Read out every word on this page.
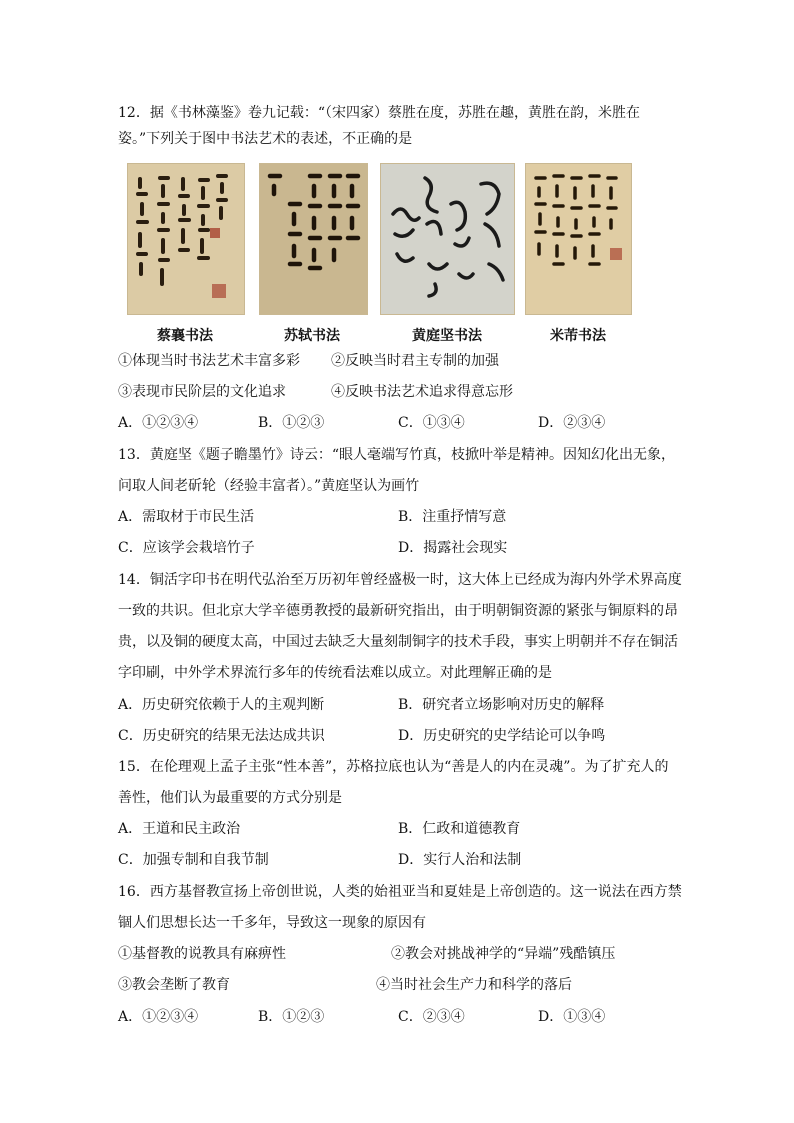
12．据《书林藻鉴》卷九记载：“（宋四家）蔡胜在度，苏胜在趣，黄胜在韵，米胜在
姿。”下列关于图中书法艺术的表述，不正确的是
蔡襄书法	苏轼书法	黄庭坚书法	米芾书法
①体现当时书法艺术丰富多彩 ②反映当时君主专制的加强
③表现市民阶层的文化追求	④反映书法艺术追求得意忘形
A．①②③④	B．①②③	C．①③④	D．②③④
13．黄庭坚《题子瞻墨竹》诗云：“眼人毫端写竹真，枝掀叶举是精神。因知幻化出无象，
问取人间老斫轮（经验丰富者）。”黄庭坚认为画竹
A．需取材于市民生活	B．注重抒情写意
C．应该学会栽培竹子	D．揭露社会现实
14．铜活字印书在明代弘治至万历初年曾经盛极一时，这大体上已经成为海内外学术界高度
一致的共识。但北京大学辛德勇教授的最新研究指出，由于明朝铜资源的紧张与铜原料的昂
贵，以及铜的硬度太高，中国过去缺乏大量刻制铜字的技术手段，事实上明朝并不存在铜活
字印刷，中外学术界流行多年的传统看法难以成立。对此理解正确的是
A．历史研究依赖于人的主观判断	B．研究者立场影响对历史的解释
C．历史研究的结果无法达成共识	D．历史研究的史学结论可以争鸣
15．在伦理观上孟子主张“性本善”，苏格拉底也认为“善是人的内在灵魂”。为了扩充人的
善性，他们认为最重要的方式分别是
A．王道和民主政治	B．仁政和道德教育
C．加强专制和自我节制	D．实行人治和法制
16．西方基督教宣扬上帝创世说，人类的始祖亚当和夏娃是上帝创造的。这一说法在西方禁
锢人们思想长达一千多年，导致这一现象的原因有
①基督教的说教具有麻痹性	②教会对挑战神学的“异端”残酷镇压
③教会垄断了教育	④当时社会生产力和科学的落后
A．①②③④	B．①②③	C．②③④	D．①③④
